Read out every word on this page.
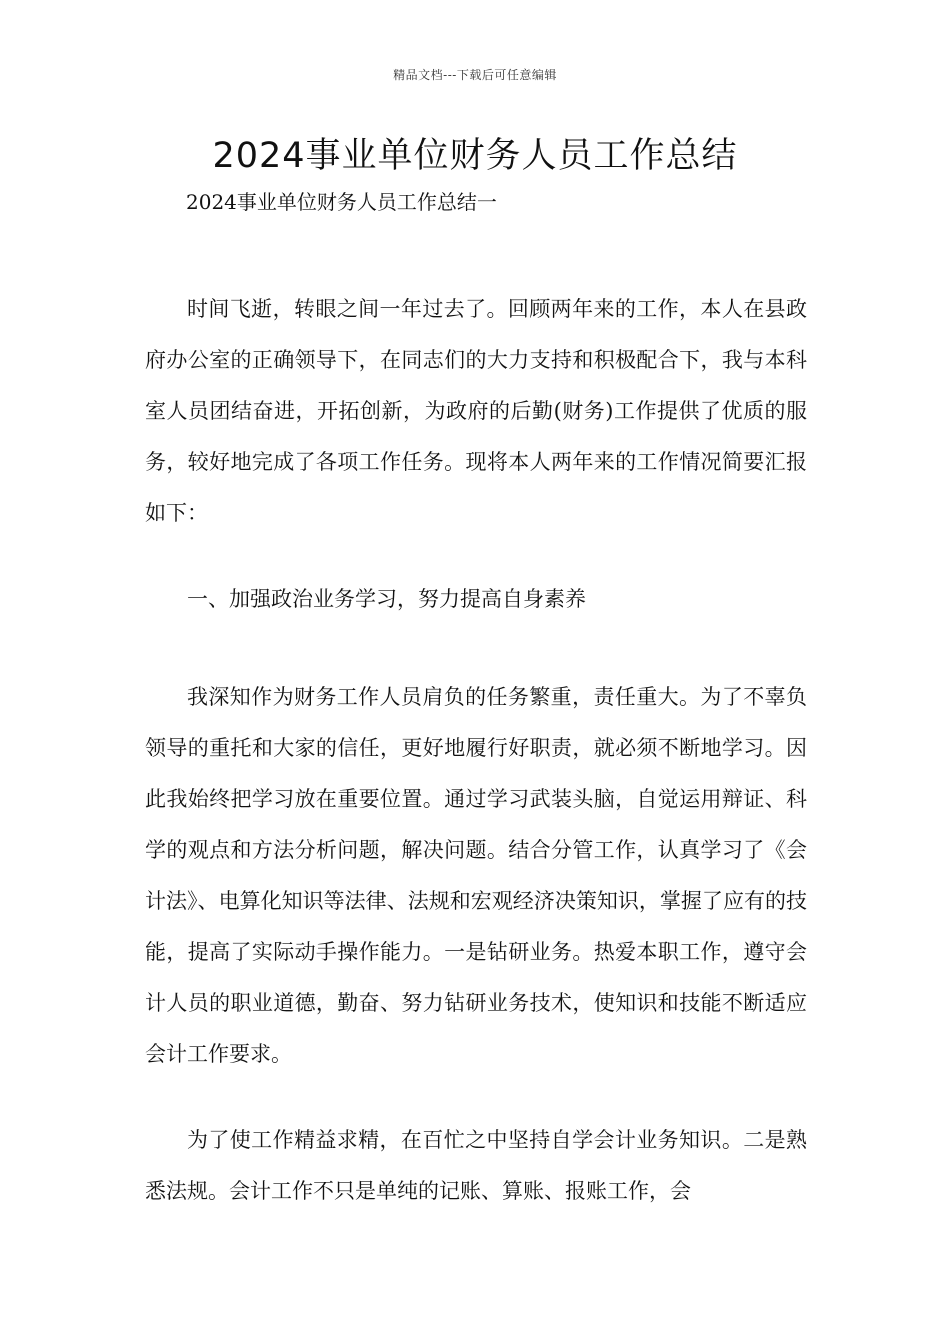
精品文档---下载后可任意编辑
2024事业单位财务人员工作总结

2024事业单位财务人员工作总结一

时间飞逝，转眼之间一年过去了。回顾两年来的工作，本人在县政府办公室的正确领导下，在同志们的大力支持和积极配合下，我与本科室人员团结奋进，开拓创新，为政府的后勤(财务)工作提供了优质的服务，较好地完成了各项工作任务。现将本人两年来的工作情况简要汇报如下：

一、加强政治业务学习，努力提高自身素养

我深知作为财务工作人员肩负的任务繁重，责任重大。为了不辜负领导的重托和大家的信任，更好地履行好职责，就必须不断地学习。因此我始终把学习放在重要位置。通过学习武装头脑，自觉运用辩证、科学的观点和方法分析问题，解决问题。结合分管工作，认真学习了《会计法》、电算化知识等法律、法规和宏观经济决策知识，掌握了应有的技能，提高了实际动手操作能力。一是钻研业务。热爱本职工作，遵守会计人员的职业道德，勤奋、努力钻研业务技术，使知识和技能不断适应会计工作要求。

为了使工作精益求精，在百忙之中坚持自学会计业务知识。二是熟悉法规。会计工作不只是单纯的记账、算账、报账工作，会
